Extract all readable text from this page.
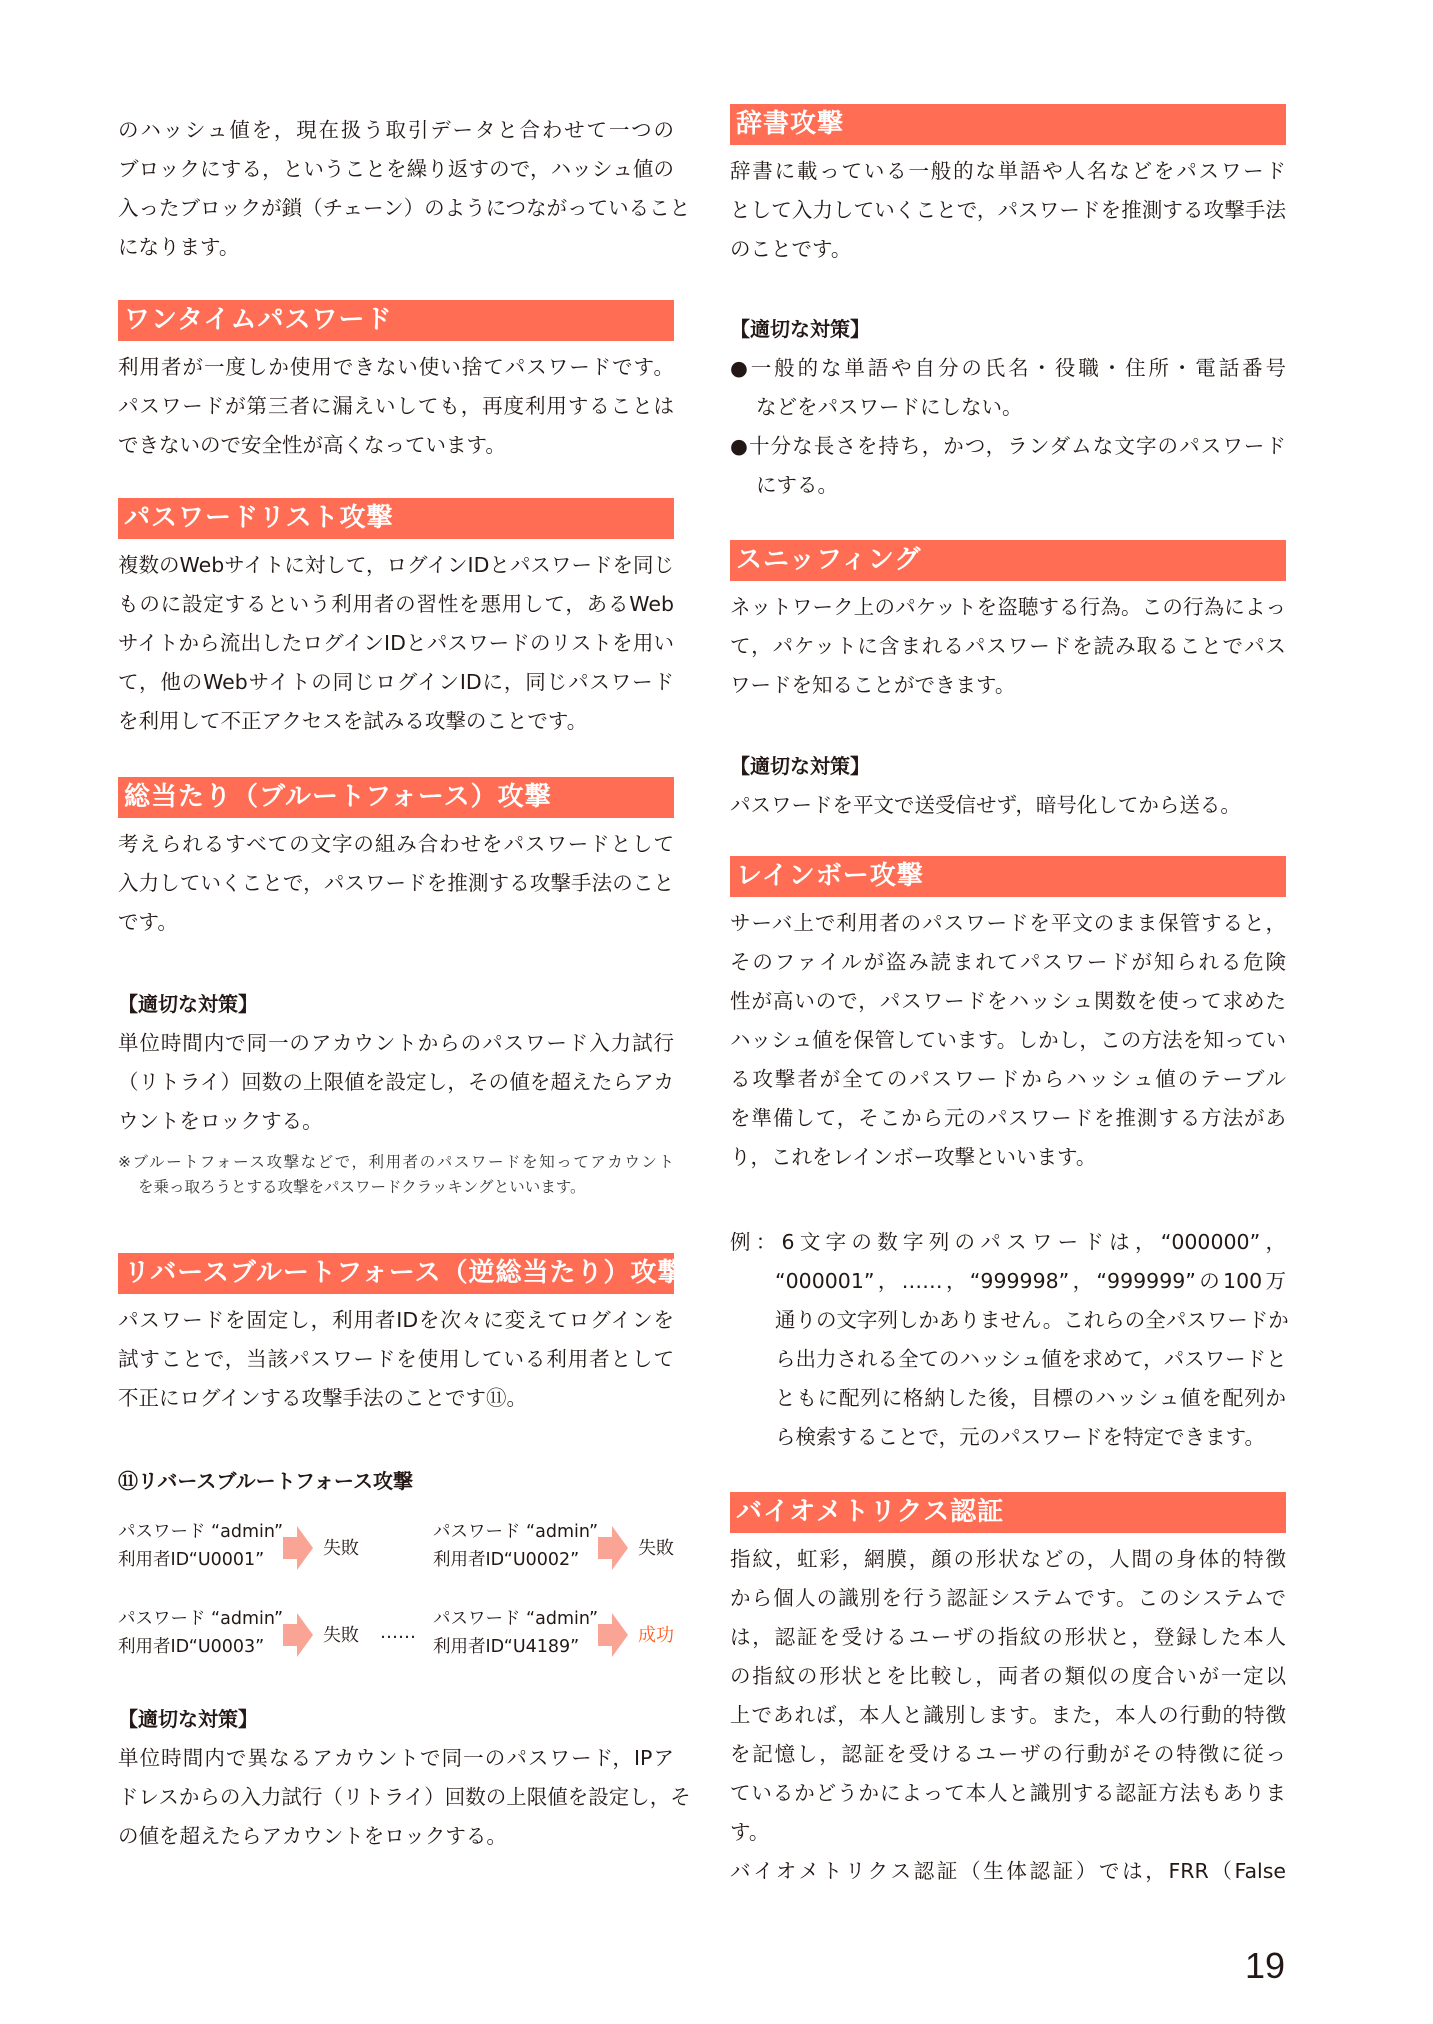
のハッシュ値を，現在扱う取引データと合わせて一つの
ブロックにする，ということを繰り返すので，ハッシュ値の
入ったブロックが鎖（チェーン）のようにつながっていること
になります。
ワンタイムパスワード
利用者が一度しか使用できない使い捨てパスワードです。
パスワードが第三者に漏えいしても，再度利用することは
できないので安全性が高くなっています。
パスワードリスト攻撃
複数のWebサイトに対して，ログインIDとパスワードを同じ
ものに設定するという利用者の習性を悪用して，あるWeb
サイトから流出したログインIDとパスワードのリストを用い
て，他のWebサイトの同じログインIDに，同じパスワード
を利用して不正アクセスを試みる攻撃のことです。
総当たり（ブルートフォース）攻撃
考えられるすべての文字の組み合わせをパスワードとして
入力していくことで，パスワードを推測する攻撃手法のこと
です。
【適切な対策】
単位時間内で同一のアカウントからのパスワード入力試行
（リトライ）回数の上限値を設定し，その値を超えたらアカ
ウントをロックする。
※ブルートフォース攻撃などで，利用者のパスワードを知ってアカウント
を乗っ取ろうとする攻撃をパスワードクラッキングといいます。
リバースブルートフォース（逆総当たり）攻撃
パスワードを固定し，利用者IDを次々に変えてログインを
試すことで，当該パスワードを使用している利用者として
不正にログインする攻撃手法のことです⑪。
⑪リバースブルートフォース攻撃
パスワード “admin”
利用者ID“U0001”
失敗
パスワード “admin”
利用者ID“U0002”
失敗
パスワード “admin”
利用者ID“U0003”
失敗
パスワード “admin”
利用者ID“U4189”
成功
……
【適切な対策】
単位時間内で異なるアカウントで同一のパスワード，IPア
ドレスからの入力試行（リトライ）回数の上限値を設定し，そ
の値を超えたらアカウントをロックする。
辞書攻撃
辞書に載っている一般的な単語や人名などをパスワード
として入力していくことで，パスワードを推測する攻撃手法
のことです。
【適切な対策】
●一般的な単語や自分の氏名・役職・住所・電話番号
などをパスワードにしない。
●十分な長さを持ち，かつ，ランダムな文字のパスワード
にする。
スニッフィング
ネットワーク上のパケットを盗聴する行為。この行為によっ
て，パケットに含まれるパスワードを読み取ることでパス
ワードを知ることができます。
【適切な対策】
パスワードを平文で送受信せず，暗号化してから送る。
レインボー攻撃
サーバ上で利用者のパスワードを平文のまま保管すると，
そのファイルが盗み読まれてパスワードが知られる危険
性が高いので，パスワードをハッシュ関数を使って求めた
ハッシュ値を保管しています。しかし，この方法を知ってい
る攻撃者が全てのパスワードからハッシュ値のテーブル
を準備して，そこから元のパスワードを推測する方法があ
り，これをレインボー攻撃といいます。
例：6文字の数字列のパスワードは，“000000”，
“000001”，……，“999998”，“999999”の100万
通りの文字列しかありません。これらの全パスワードか
ら出力される全てのハッシュ値を求めて，パスワードと
ともに配列に格納した後，目標のハッシュ値を配列か
ら検索することで，元のパスワードを特定できます。
バイオメトリクス認証
指紋，虹彩，網膜，顔の形状などの，人間の身体的特徴
から個人の識別を行う認証システムです。このシステムで
は，認証を受けるユーザの指紋の形状と，登録した本人
の指紋の形状とを比較し，両者の類似の度合いが一定以
上であれば，本人と識別します。また，本人の行動的特徴
を記憶し，認証を受けるユーザの行動がその特徴に従っ
ているかどうかによって本人と識別する認証方法もありま
す。
バイオメトリクス認証（生体認証）では，FRR（False
19
